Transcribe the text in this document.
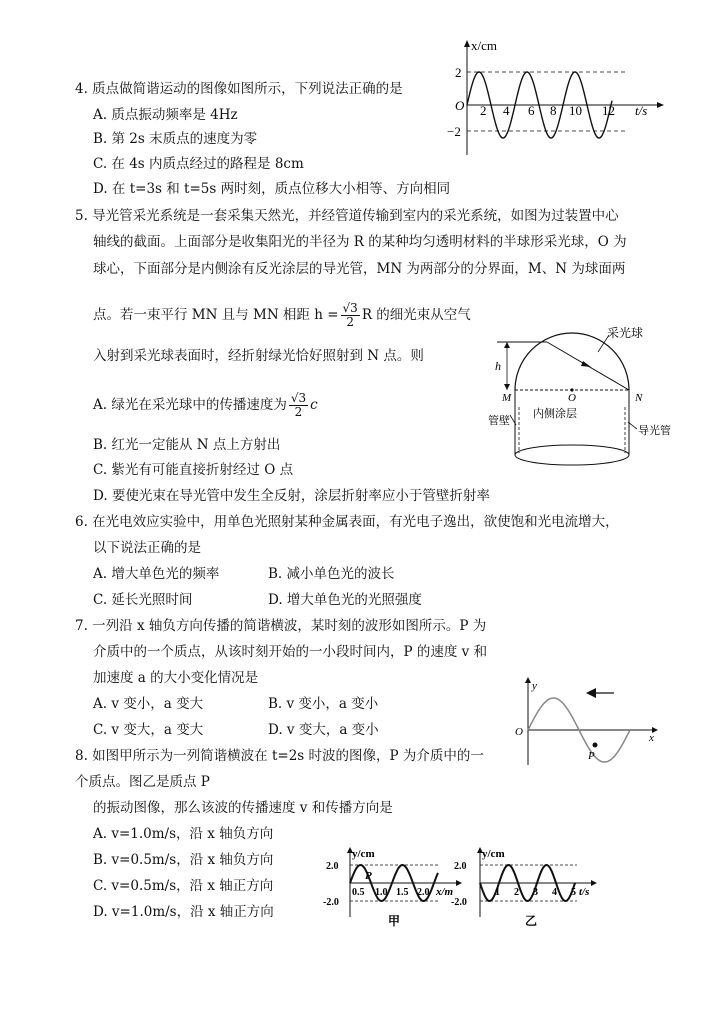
4. 质点做简谐运动的图像如图所示，下列说法正确的是
A. 质点振动频率是 4Hz
B. 第 2s 末质点的速度为零
C. 在 4s 内质点经过的路程是 8cm
D. 在 t=3s 和 t=5s 两时刻，质点位移大小相等、方向相同
x/cm
t/s
O
2
−2
2 4 6 8 10 12
5. 导光管采光系统是一套采集天然光，并经管道传输到室内的采光系统，如图为过装置中心
轴线的截面。上面部分是收集阳光的半径为 R 的某种均匀透明材料的半球形采光球，O 为
球心，下面部分是内侧涂有反光涂层的导光管，MN 为两部分的分界面，M、N 为球面两
点。若一束平行 MN 且与 MN 相距 $h = \frac{√3}{2}$ R 的细光束从空气
入射到采光球表面时，经折射绿光恰好照射到 N 点。则
A. 绿光在采光球中的传播速度为 $\frac{√3}{2}$ c
B. 红光一定能从 N 点上方射出
C. 紫光有可能直接折射经过 O 点
D. 要使光束在导光管中发生全反射，涂层折射率应小于管壁折射率
采光球
h
M	O	N
管壁
内侧涂层
导光管
6. 在光电效应实验中，用单色光照射某种金属表面，有光电子逸出，欲使饱和光电流增大，
以下说法正确的是
A. 增大单色光的频率	B. 减小单色光的波长
C. 延长光照时间	D. 增大单色光的光照强度
7. 一列沿 x 轴负方向传播的简谐横波，某时刻的波形如图所示。P 为
介质中的一个质点，从该时刻开始的一小段时间内，P 的速度 v 和
加速度 a 的大小变化情况是
A. v 变小，a 变大	B. v 变小，a 变小
C. v 变大，a 变大	D. v 变大，a 变小
y
x
O
P
8. 如图甲所示为一列简谐横波在 t=2s 时波的图像，P 为介质中的一
个质点。图乙是质点 P
的振动图像，那么该波的传播速度 v 和传播方向是
A. v=1.0m/s，沿 x 轴负方向
B. v=0.5m/s，沿 x 轴负方向
C. v=0.5m/s，沿 x 轴正方向
D. v=1.0m/s，沿 x 轴正方向
y/cm
x/m
2.0
-2.0
0.5 1.0 1.5 2.0
P
甲
y/cm
t/s
2.0
-2.0
1 2 3 4 5
乙
